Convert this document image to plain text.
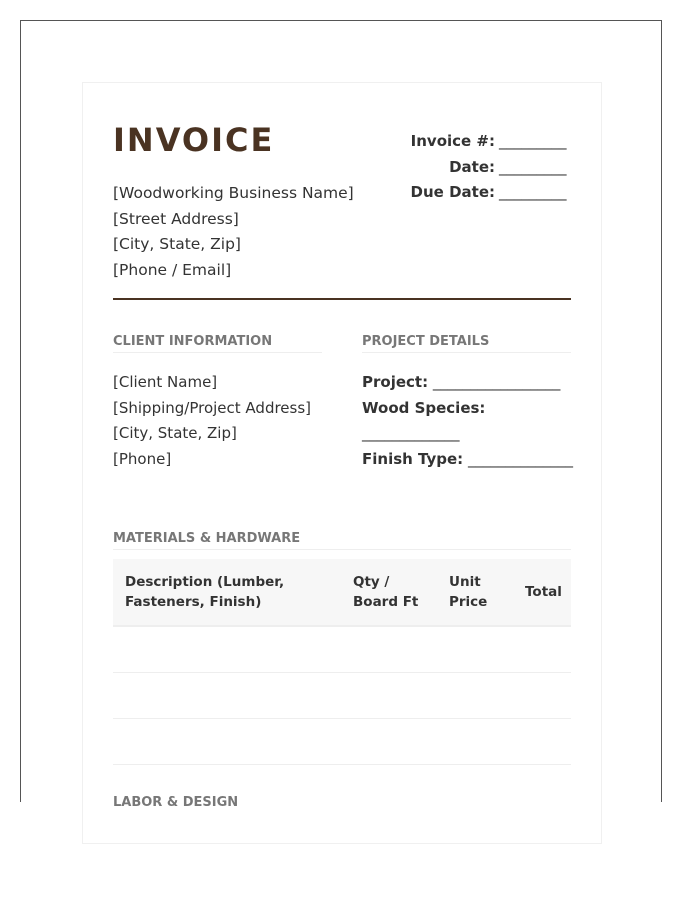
INVOICE
[Woodworking Business Name]
[Street Address]
[City, State, Zip]
[Phone / Email]
Invoice #: _________
Date: _________
Due Date: _________
CLIENT INFORMATION	PROJECT DETAILS
[Client Name]
[Shipping/Project Address]
[City, State, Zip]
[Phone]
Project: _________________
Wood Species:
_____________
Finish Type: ______________
MATERIALS & HARDWARE
Description (Lumber, Fasteners, Finish)
Qty / Board Ft
Unit Price
Total
LABOR & DESIGN
